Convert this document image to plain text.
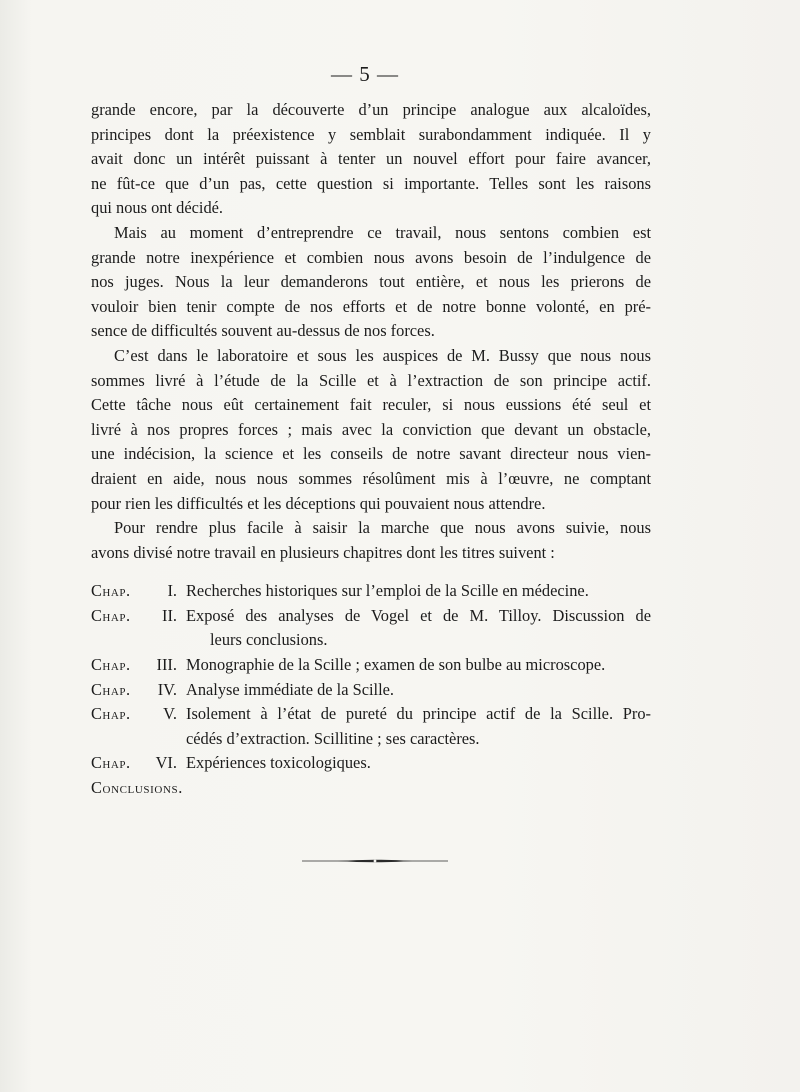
— 5 —

grande encore, par la découverte d’un principe analogue aux alcaloïdes,
principes dont la préexistence y semblait surabondamment indiquée. Il y
avait donc un intérêt puissant à tenter un nouvel effort pour faire avancer,
ne fût-ce que d’un pas, cette question si importante. Telles sont les raisons
qui nous ont décidé.

Mais au moment d’entreprendre ce travail, nous sentons combien est
grande notre inexpérience et combien nous avons besoin de l’indulgence de
nos juges. Nous la leur demanderons tout entière, et nous les prierons de
vouloir bien tenir compte de nos efforts et de notre bonne volonté, en pré-
sence de difficultés souvent au-dessus de nos forces.

C’est dans le laboratoire et sous les auspices de M. Bussy que nous nous
sommes livré à l’étude de la Scille et à l’extraction de son principe actif.
Cette tâche nous eût certainement fait reculer, si nous eussions été seul et
livré à nos propres forces ; mais avec la conviction que devant un obstacle,
une indécision, la science et les conseils de notre savant directeur nous vien-
draient en aide, nous nous sommes résolûment mis à l’œuvre, ne comptant
pour rien les difficultés et les déceptions qui pouvaient nous attendre.

Pour rendre plus facile à saisir la marche que nous avons suivie, nous
avons divisé notre travail en plusieurs chapitres dont les titres suivent :

Chap.	I. Recherches historiques sur l’emploi de la Scille en médecine.
Chap.	II. Exposé des analyses de Vogel et de M. Tilloy. Discussion de
leurs conclusions.
Chap.	III. Monographie de la Scille ; examen de son bulbe au microscope.
Chap.	IV. Analyse immédiate de la Scille.
Chap.	V. Isolement à l’état de pureté du principe actif de la Scille. Pro-
cédés d’extraction. Scillitine ; ses caractères.
Chap.	VI. Expériences toxicologiques.
Conclusions.
